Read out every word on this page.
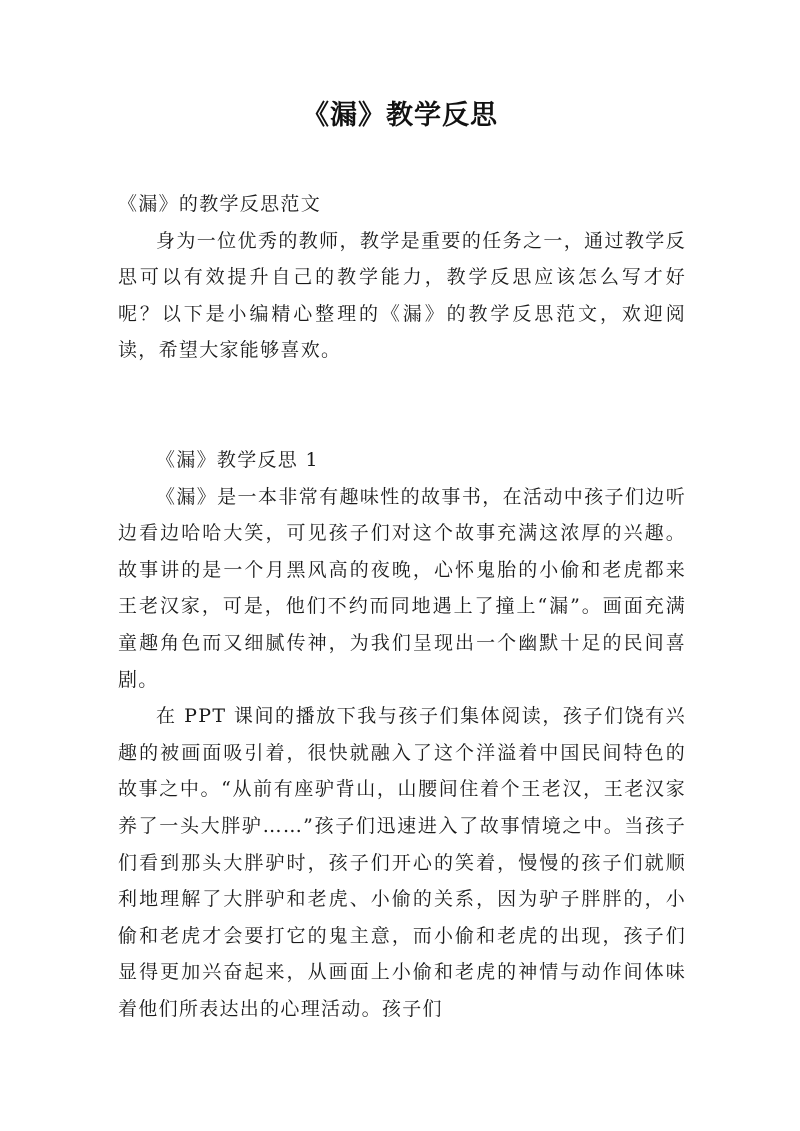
《漏》教学反思

《漏》的教学反思范文

身为一位优秀的教师，教学是重要的任务之一，通过教学反思可以有效提升自己的教学能力，教学反思应该怎么写才好呢？以下是小编精心整理的《漏》的教学反思范文，欢迎阅读，希望大家能够喜欢。

《漏》教学反思 1

《漏》是一本非常有趣味性的故事书，在活动中孩子们边听边看边哈哈大笑，可见孩子们对这个故事充满这浓厚的兴趣。故事讲的是一个月黑风高的夜晚，心怀鬼胎的小偷和老虎都来王老汉家，可是，他们不约而同地遇上了撞上“漏”。画面充满童趣角色而又细腻传神，为我们呈现出一个幽默十足的民间喜剧。

在 PPT 课间的播放下我与孩子们集体阅读，孩子们饶有兴趣的被画面吸引着，很快就融入了这个洋溢着中国民间特色的故事之中。“从前有座驴背山，山腰间住着个王老汉，王老汉家养了一头大胖驴……”孩子们迅速进入了故事情境之中。当孩子们看到那头大胖驴时，孩子们开心的笑着，慢慢的孩子们就顺利地理解了大胖驴和老虎、小偷的关系，因为驴子胖胖的，小偷和老虎才会要打它的鬼主意，而小偷和老虎的出现，孩子们显得更加兴奋起来，从画面上小偷和老虎的神情与动作间体味着他们所表达出的心理活动。孩子们
